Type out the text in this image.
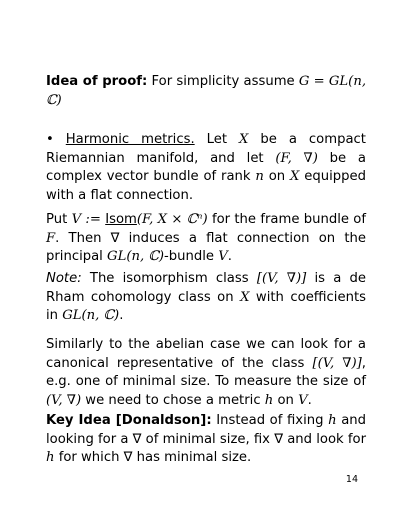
Idea of proof: For simplicity assume G = GL(n, ℂ)

• Harmonic metrics. Let X be a compact Riemannian manifold, and let (F, ∇) be a complex vector bundle of rank n on X equipped with a flat connection.

Put V := Isom(F, X × ℂⁿ) for the frame bundle of F. Then ∇ induces a flat connection on the principal GL(n, ℂ)-bundle V.

Note: The isomorphism class [(V, ∇)] is a de Rham cohomology class on X with coefficients in GL(n, ℂ).

Similarly to the abelian case we can look for a canonical representative of the class [(V, ∇)], e.g. one of minimal size. To measure the size of (V, ∇) we need to chose a metric h on V.

Key Idea [Donaldson]: Instead of fixing h and looking for a ∇ of minimal size, fix ∇ and look for h for which ∇ has minimal size.

14
